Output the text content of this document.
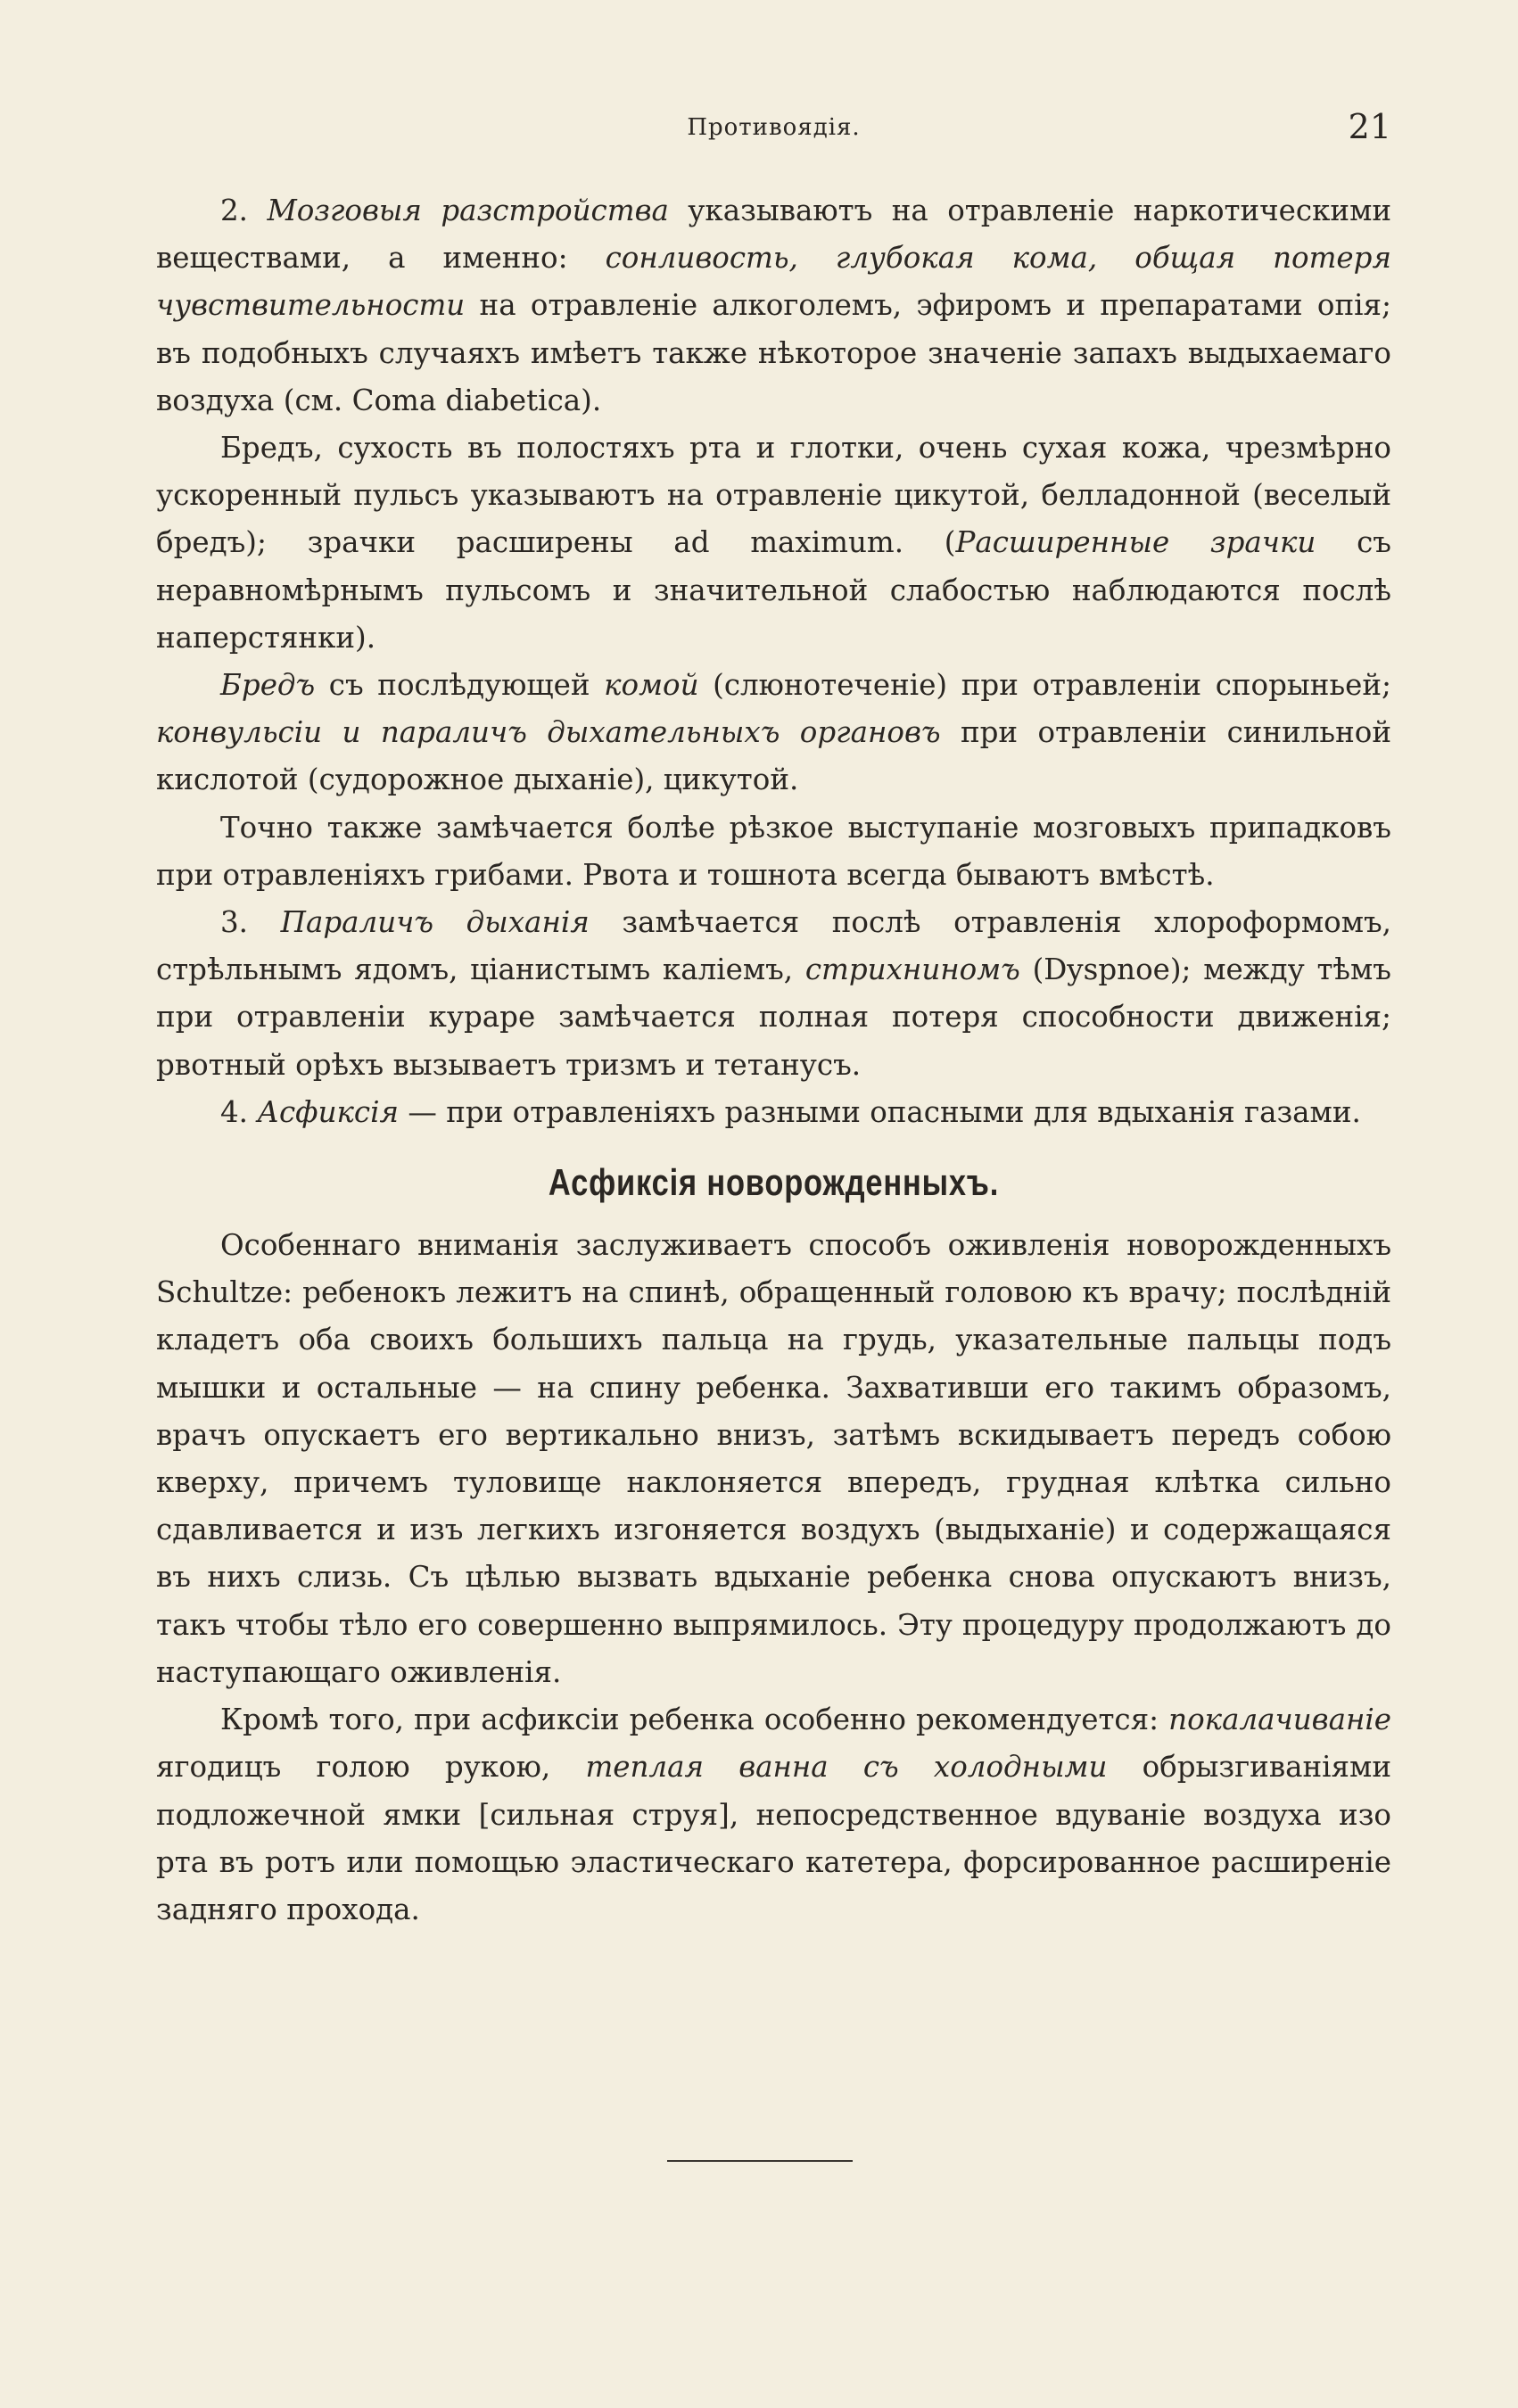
Противоядія.	21

2. Мозговыя разстройства указываютъ на отравленіе наркотическими веществами, а именно: сонливость, глубокая кома, общая потеря чувствительности на отравленіе алкоголемъ, эфиромъ и препаратами опія; въ подобныхъ случаяхъ имѣетъ также нѣкоторое значеніе запахъ выдыхаемаго воздуха (см. Coma diabetica).

Бредъ, сухость въ полостяхъ рта и глотки, очень сухая кожа, чрезмѣрно ускоренный пульсъ указываютъ на отравленіе цикутой, белладонной (веселый бредъ); зрачки расширены ad maximum. (Расширенные зрачки съ неравномѣрнымъ пульсомъ и значительной слабостью наблюдаются послѣ наперстянки).

Бредъ съ послѣдующей комой (слюнотеченіе) при отравленіи спорыньей; конвульсіи и параличъ дыхательныхъ органовъ при отравленіи синильной кислотой (судорожное дыханіе), цикутой.

Точно также замѣчается болѣе рѣзкое выступаніе мозговыхъ припадковъ при отравленіяхъ грибами. Рвота и тошнота всегда бываютъ вмѣстѣ.

3. Параличъ дыханія замѣчается послѣ отравленія хлороформомъ, стрѣльнымъ ядомъ, ціанистымъ каліемъ, стрихниномъ (Dyspnoe); между тѣмъ при отравленіи кураре замѣчается полная потеря способности движенія; рвотный орѣхъ вызываетъ тризмъ и тетанусъ.

4. Асфиксія — при отравленіяхъ разными опасными для вдыханія газами.

Асфиксія новорожденныхъ.

Особеннаго вниманія заслуживаетъ способъ оживленія новорожденныхъ Schultze: ребенокъ лежитъ на спинѣ, обращенный головою къ врачу; послѣдній кладетъ оба своихъ большихъ пальца на грудь, указательные пальцы подъ мышки и остальные — на спину ребенка. Захвативши его такимъ образомъ, врачъ опускаетъ его вертикально внизъ, затѣмъ вскидываетъ передъ собою кверху, причемъ туловище наклоняется впередъ, грудная клѣтка сильно сдавливается и изъ легкихъ изгоняется воздухъ (выдыханіе) и содержащаяся въ нихъ слизь. Съ цѣлью вызвать вдыханіе ребенка снова опускаютъ внизъ, такъ чтобы тѣло его совершенно выпрямилось. Эту процедуру продолжаютъ до наступающаго оживленія.

Кромѣ того, при асфиксіи ребенка особенно рекомендуется: покалачиваніе ягодицъ голою рукою, теплая ванна съ холодными обрызгиваніями подложечной ямки [сильная струя], непосредственное вдуваніе воздуха изо рта въ ротъ или помощью эластическаго катетера, форсированное расширеніе задняго прохода.
